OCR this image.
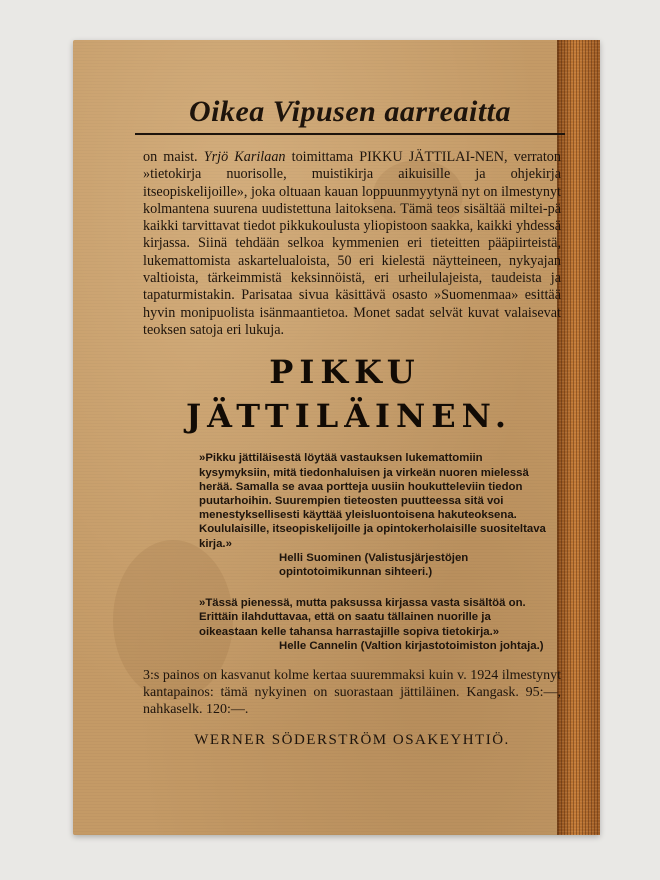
Oikea Vipusen aarreaitta

on maist. Yrjö Karilaan toimittama PIKKU JÄTTILAI-NEN, verraton »tietokirja nuorisolle, muistikirja aikuisille ja ohjekirja itseopiskelijoille», joka oltuaan kauan loppuunmyytynä nyt on ilmestynyt kolmantena suurena uudistettuna laitoksena. Tämä teos sisältää miltei-pä kaikki tarvittavat tiedot pikkukoulusta yliopistoon saakka, kaikki yhdessä kirjassa. Siinä tehdään selkoa kymmenien eri tieteitten pääpiirteistä, lukemattomista askartelualoista, 50 eri kielestä näytteineen, nykyajan valtioista, tärkeimmistä keksinnöistä, eri urheilulajeista, taudeista ja tapaturmistakin. Parisataa sivua käsittävä osasto »Suomenmaa» esittää hyvin monipuolista isänmaantietoa. Monet sadat selvät kuvat valaisevat teoksen satoja eri lukuja.

PIKKU
JÄTTILÄINEN.
»Pikku jättiläisestä löytää vastauksen lukemattomiin kysymyksiin, mitä tiedonhaluisen ja virkeän nuoren mielessä herää. Samalla se avaa portteja uusiin houkutteleviin tiedon puutarhoihin. Suurempien tieteosten puutteessa sitä voi menestyksellisesti käyttää yleisluontoisena hakuteoksena. Koululaisille, itseopiskelijoille ja opintokerholaisille suositeltava kirja.»
Helli Suominen (Valistusjärjestöjen opintotoimikunnan sihteeri.)
»Tässä pienessä, mutta paksussa kirjassa vasta sisältöä on. Erittäin ilahduttavaa, että on saatu tällainen nuorille ja oikeastaan kelle tahansa harrastajille sopiva tietokirja.»
Helle Cannelin (Valtion kirjastotoimiston johtaja.)

3:s painos on kasvanut kolme kertaa suuremmaksi kuin v. 1924 ilmestynyt kantapainos: tämä nykyinen on suorastaan jättiläinen. Kangask. 95:—, nahkaselk. 120:—.

WERNER SÖDERSTRÖM OSAKEYHTIÖ.
